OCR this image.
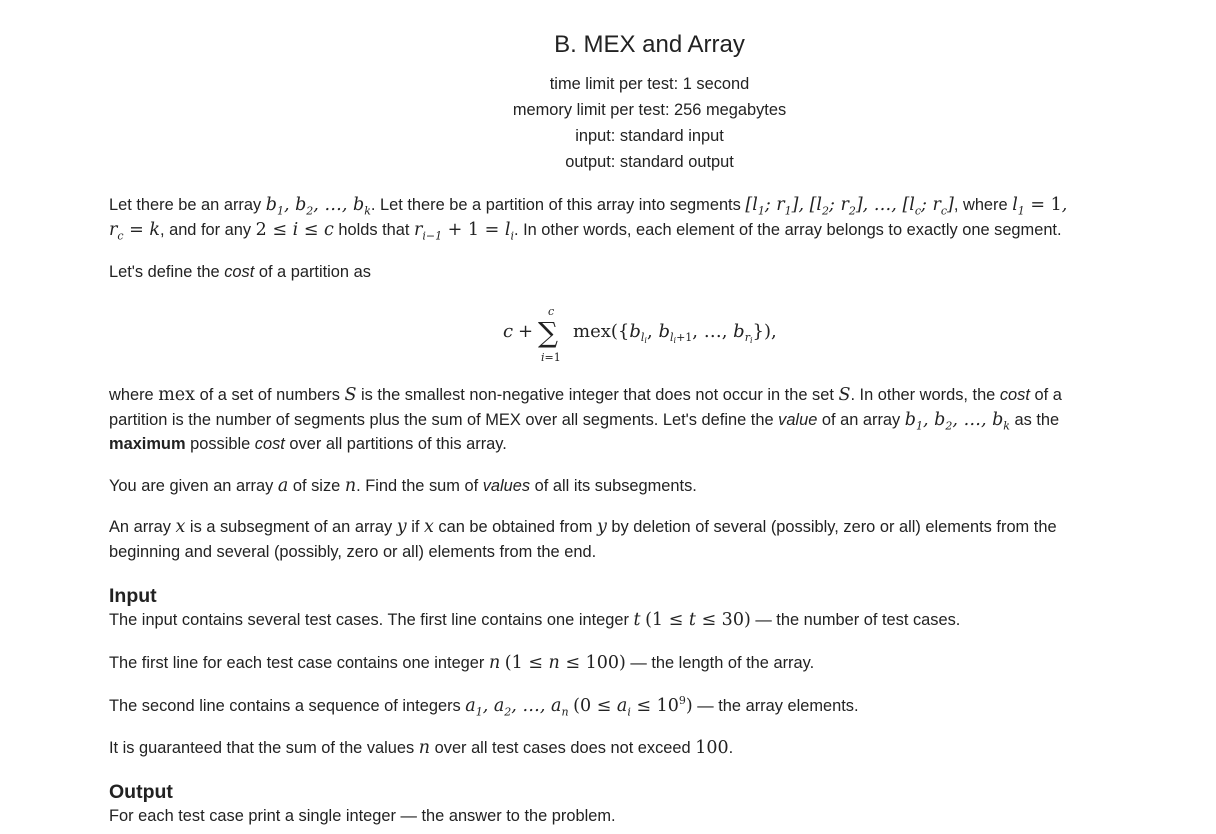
B. MEX and Array
time limit per test: 1 second
memory limit per test: 256 megabytes
input: standard input
output: standard output
Let there be an array $b_1$, $b_2$, …, $b_k$. Let there be a partition of this array into segments [$l_1$; $r_1$], [$l_2$; $r_2$], …, [$l_c$; $r_c$], where $l_1 = 1$,
$r_c = k$, and for any 2 ≤ i ≤ c holds that $r_{i-1} + 1 = l_i$. In other words, each element of the array belongs to exactly one segment.
Let's define the cost of a partition as
c +
c
∑
i=1
$mex(\{b_li$, $b_li+1$, …, $b_ri$}),
where mex of a set of numbers S is the smallest non-negative integer that does not occur in the set S. In other words, the cost of a
partition is the number of segments plus the sum of MEX over all segments. Let's define the value of an array $b_1$, $b_2$, …, $b_k$ as the
maximum possible cost over all partitions of this array.
You are given an array a of size n. Find the sum of values of all its subsegments.
An array x is a subsegment of an array y if x can be obtained from y by deletion of several (possibly, zero or all) elements from the
beginning and several (possibly, zero or all) elements from the end.
Input
The input contains several test cases. The first line contains one integer t (1 ≤ t ≤ 30) — the number of test cases.
The first line for each test case contains one integer n (1 ≤ n ≤ 100) — the length of the array.
The second line contains a sequence of integers $a_1$, $a_2$, …, $a_n$ $(0 \le a_i \le 10^9)$ — the array elements.
It is guaranteed that the sum of the values n over all test cases does not exceed 100.
Output
For each test case print a single integer — the answer to the problem.
